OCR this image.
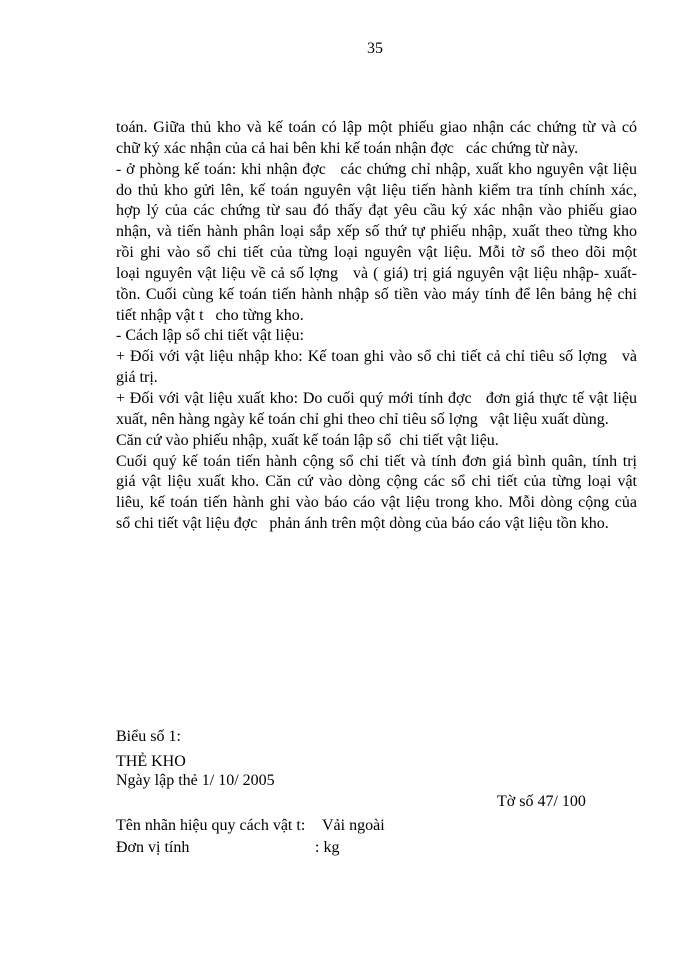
35
toán. Giữa thủ kho và kế toán có lập một phiếu giao nhận các chứng từ và có
chữ ký xác nhận của cả hai bên khi kế toán nhận đợc   các chứng từ này.
- ở phòng kế toán: khi nhận đợc   các chứng chỉ nhập, xuất kho nguyên vật liệu
do thủ kho gửi lên, kế toán nguyên vật liệu tiến hành kiểm tra tính chính xác,
hợp lý của các chứng từ sau đó thấy đạt yêu cầu ký xác nhận vào phiếu giao
nhận, và tiến hành phân loại sắp xếp số thứ tự phiếu nhập, xuất theo từng kho
rồi ghi vào sổ chi tiết của từng loại nguyên vật liệu. Mỗi tờ sổ theo dõi một
loại nguyên vật liệu về cả số lợng   và ( giá) trị giá nguyên vật liệu nhập- xuất-
tồn. Cuối cùng kế toán tiến hành nhập số tiền vào máy tính để lên bảng hệ chi
tiết nhập vật t   cho từng kho.
- Cách lập sổ chi tiết vật liệu:
+ Đối với vật liệu nhập kho: Kế toan ghi vào sổ chi tiết cả chỉ tiêu số lợng   và
giá trị.
+ Đối với vật liệu xuất kho: Do cuối quý mới tính đợc   đơn giá thực tế vật liệu
xuất, nên hàng ngày kế toán chỉ ghi theo chỉ tiêu số lợng   vật liệu xuất dùng.
Căn cứ vào phiếu nhập, xuất kế toán lập sổ  chi tiết vật liệu.
Cuối quý kế toán tiến hành cộng sổ chi tiết và tính đơn giá bình quân, tính trị
giá vật liệu xuất kho. Căn cứ vào dòng cộng các sổ chi tiết của từng loại vật
liêu, kế toán tiến hành ghi vào báo cáo vật liệu trong kho. Mỗi dòng cộng của
sổ chi tiết vật liệu đợc   phản ánh trên một dòng của báo cáo vật liệu tồn kho.
Biểu số 1:
THẺ KHO
Ngày lập thẻ 1/ 10/ 2005
Tờ số 47/ 100
Tên nhãn hiệu quy cách vật t: Vải ngoài
Đơn vị tính	: kg
